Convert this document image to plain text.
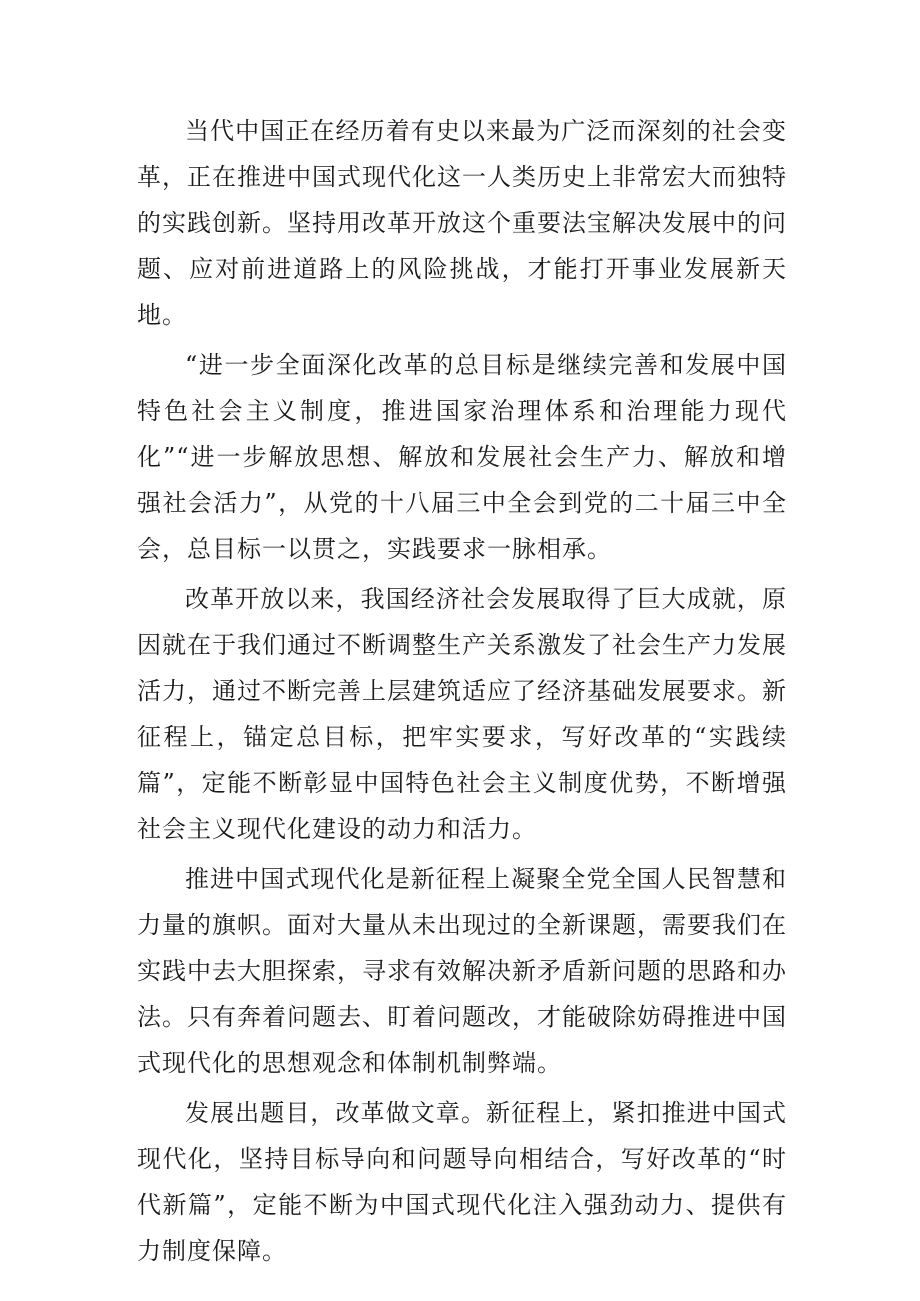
当代中国正在经历着有史以来最为广泛而深刻的社会变革，正在推进中国式现代化这一人类历史上非常宏大而独特的实践创新。坚持用改革开放这个重要法宝解决发展中的问题、应对前进道路上的风险挑战，才能打开事业发展新天地。

“进一步全面深化改革的总目标是继续完善和发展中国特色社会主义制度，推进国家治理体系和治理能力现代化”“进一步解放思想、解放和发展社会生产力、解放和增强社会活力”，从党的十八届三中全会到党的二十届三中全会，总目标一以贯之，实践要求一脉相承。

改革开放以来，我国经济社会发展取得了巨大成就，原因就在于我们通过不断调整生产关系激发了社会生产力发展活力，通过不断完善上层建筑适应了经济基础发展要求。新征程上，锚定总目标，把牢实要求，写好改革的“实践续篇”，定能不断彰显中国特色社会主义制度优势，不断增强社会主义现代化建设的动力和活力。

推进中国式现代化是新征程上凝聚全党全国人民智慧和力量的旗帜。面对大量从未出现过的全新课题，需要我们在实践中去大胆探索，寻求有效解决新矛盾新问题的思路和办法。只有奔着问题去、盯着问题改，才能破除妨碍推进中国式现代化的思想观念和体制机制弊端。

发展出题目，改革做文章。新征程上，紧扣推进中国式现代化，坚持目标导向和问题导向相结合，写好改革的“时代新篇”，定能不断为中国式现代化注入强劲动力、提供有力制度保障。
